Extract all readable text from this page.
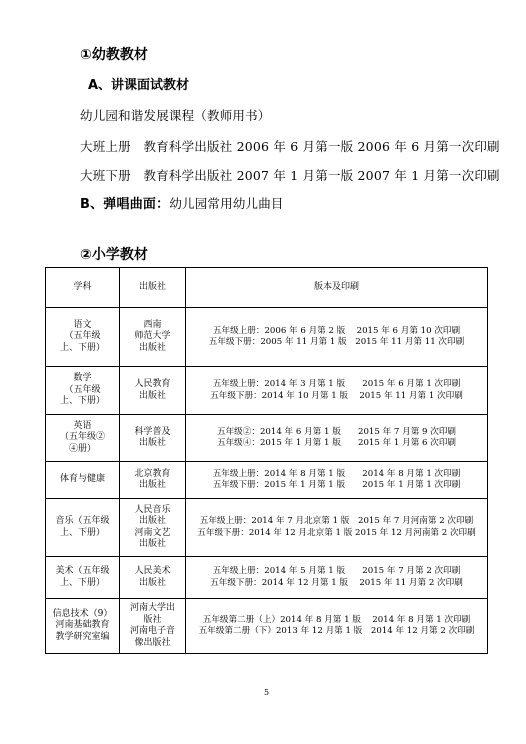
①幼教教材
A、讲课面试教材
幼儿园和谐发展课程（教师用书）
大班上册　教育科学出版社 2006 年 6 月第一版 2006 年 6 月第一次印刷
大班下册　教育科学出版社 2007 年 1 月第一版 2007 年 1 月第一次印刷
B、弹唱曲面：幼儿园常用幼儿曲目
②小学教材
学科	出版社	版本及印刷

语文
（五年级
上、下册）	西南
师范大学
出版社	五年级上册：2006 年 6 月第 2 版　 2015 年 6 月第 10 次印刷
五年级下册：2005 年 11 月第 1 版　2015 年 11 月第 11 次印刷

数学
（五年级
上、下册）	人民教育
出版社	五年级上册：2014 年 3 月第 1 版　　2015 年 6 月第 1 次印刷
五年级下册：2014 年 10 月第 1 版　 2015 年 11 月第 1 次印刷

英语
（五年级②
④册）	科学普及
出版社	五年级②：2014 年 6 月第 1 版　　2015 年 7 月第 9 次印刷
五年级④：2015 年 1 月第 1 版　　2015 年 1 月第 6 次印刷

体育与健康	北京教育
出版社	五年级上册：2014 年 8 月第 1 版　　2014 年 8 月第 1 次印刷
五年级下册：2015 年 1 月第 1 版　　2015 年 1 月第 1 次印刷

音乐（五年级
上、下册）	人民音乐
出版社
河南文艺
出版社	五年级上册：2014 年 7 月北京第 1 版　2015 年 7 月河南第 2 次印刷
五年级下册：2014 年 12 月北京第 1 版 2015 年 12 月河南第 2 次印刷

美术（五年级
上、下册）	人民美术
出版社	五年级上册：2014 年 5 月第 1 版　　2015 年 7 月第 2 次印刷
五年级下册：2014 年 12 月第 1 版　 2015 年 11 月第 2 次印刷

信息技术（9）
河南基础教育
教学研究室编	河南大学出
版社
河南电子音
像出版社	五年级第二册（上）2014 年 8 月第 1 版　 2014 年 8 月第 1 次印刷
五年级第二册（下）2013 年 12 月第 1 版　2014 年 12 月第 2 次印刷
5
